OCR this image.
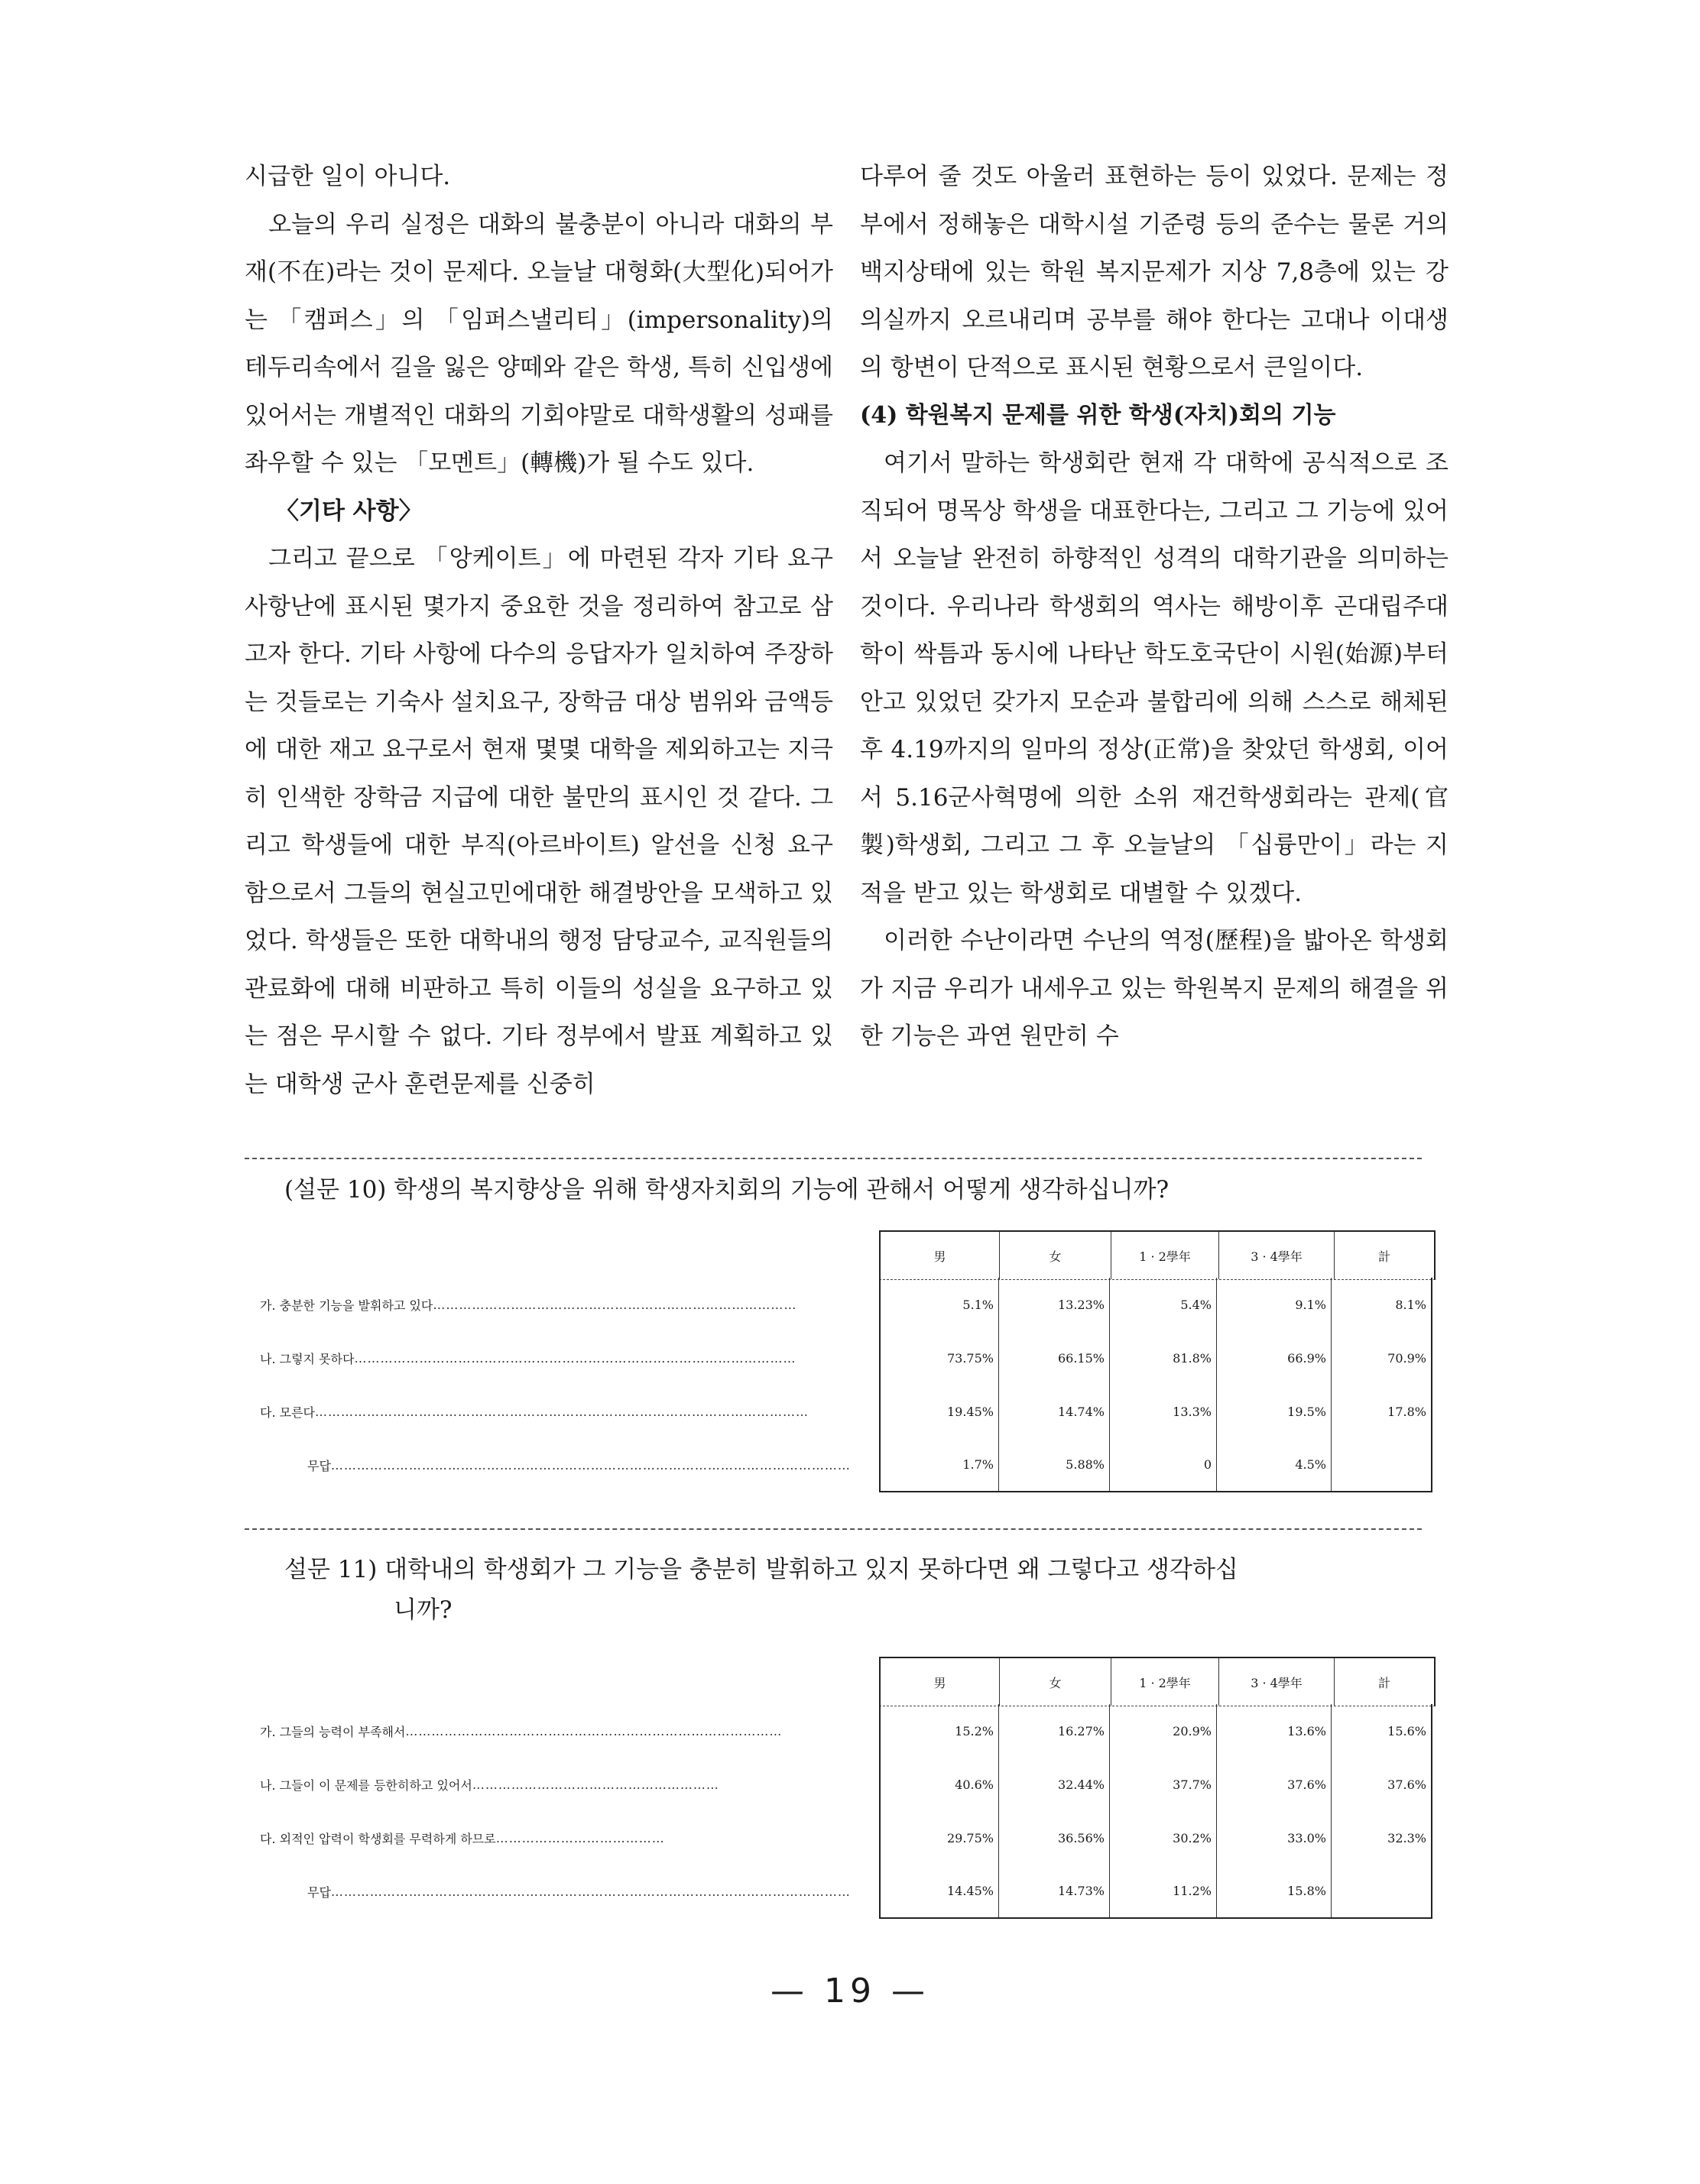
시급한 일이 아니다.

오늘의 우리 실정은 대화의 불충분이 아니라 대화의 부재(不在)라는 것이 문제다. 오늘날 대형화(大型化)되어가는 「캠퍼스」의 「임퍼스낼리티」(impersonality)의 테두리속에서 길을 잃은 양떼와 같은 학생, 특히 신입생에 있어서는 개별적인 대화의 기회야말로 대학생활의 성패를 좌우할 수 있는 「모멘트」(轉機)가 될 수도 있다.

〈기타 사항〉

그리고 끝으로 「앙케이트」에 마련된 각자 기타 요구 사항난에 표시된 몇가지 중요한 것을 정리하여 참고로 삼고자 한다. 기타 사항에 다수의 응답자가 일치하여 주장하는 것들로는 기숙사 설치요구, 장학금 대상 범위와 금액등에 대한 재고 요구로서 현재 몇몇 대학을 제외하고는 지극히 인색한 장학금 지급에 대한 불만의 표시인 것 같다. 그리고 학생들에 대한 부직(아르바이트) 알선을 신청 요구함으로서 그들의 현실고민에대한 해결방안을 모색하고 있었다. 학생들은 또한 대학내의 행정 담당교수, 교직원들의 관료화에 대해 비판하고 특히 이들의 성실을 요구하고 있는 점은 무시할 수 없다. 기타 정부에서 발표 계획하고 있는 대학생 군사 훈련문제를 신중히

다루어 줄 것도 아울러 표현하는 등이 있었다. 문제는 정부에서 정해놓은 대학시설 기준령 등의 준수는 물론 거의 백지상태에 있는 학원 복지문제가 지상 7,8층에 있는 강의실까지 오르내리며 공부를 해야 한다는 고대나 이대생의 항변이 단적으로 표시된 현황으로서 큰일이다.

(4) 학원복지 문제를 위한 학생(자치)회의 기능

여기서 말하는 학생회란 현재 각 대학에 공식적으로 조직되어 명목상 학생을 대표한다는, 그리고 그 기능에 있어서 오늘날 완전히 하향적인 성격의 대학기관을 의미하는 것이다. 우리나라 학생회의 역사는 해방이후 곤대립주대학이 싹틈과 동시에 나타난 학도호국단이 시원(始源)부터 안고 있었던 갖가지 모순과 불합리에 의해 스스로 해체된 후 4.19까지의 일마의 정상(正常)을 찾았던 학생회, 이어서 5.16군사혁명에 의한 소위 재건학생회라는 관제(官製)학생회, 그리고 그 후 오늘날의 「십륭만이」라는 지적을 받고 있는 학생회로 대별할 수 있겠다.

이러한 수난이라면 수난의 역정(歷程)을 밟아온 학생회가 지금 우리가 내세우고 있는 학원복지 문제의 해결을 위한 기능은 과연 원만히 수

(설문 10) 학생의 복지향상을 위해 학생자치회의 기능에 관해서 어떻게 생각하십니까?
男	女	1 · 2學年	3 · 4學年	計
가. 충분한 기능을 발휘하고 있다 …………………………………………………………………………	5.1%	13.23%	5.4%	9.1%	8.1%
나. 그렇지 못하다 …………………………………………………………………………………………	73.75%	66.15%	81.8%	66.9%	70.9%
다. 모른다 ……………………………………………………………………………………………………	19.45%	14.74%	13.3%	19.5%	17.8%
무답 …………………………………………………………………………………………………………	1.7%	5.88%	0	4.5%
설문 11) 대학내의 학생회가 그 기능을 충분히 발휘하고 있지 못하다면 왜 그렇다고 생각하십
니까?
男	女	1 · 2學年	3 · 4學年	計
가. 그들의 능력이 부족해서 ……………………………………………………………………………	15.2%	16.27%	20.9%	13.6%	15.6%
나. 그들이 이 문제를 등한히하고 있어서 …………………………………………………	40.6%	32.44%	37.7%	37.6%	37.6%
다. 외적인 압력이 학생회를 무력하게 하므로 …………………………………	29.75%	36.56%	30.2%	33.0%	32.3%
무답 …………………………………………………………………………………………………………	14.45%	14.73%	11.2%	15.8%
— 19 —
